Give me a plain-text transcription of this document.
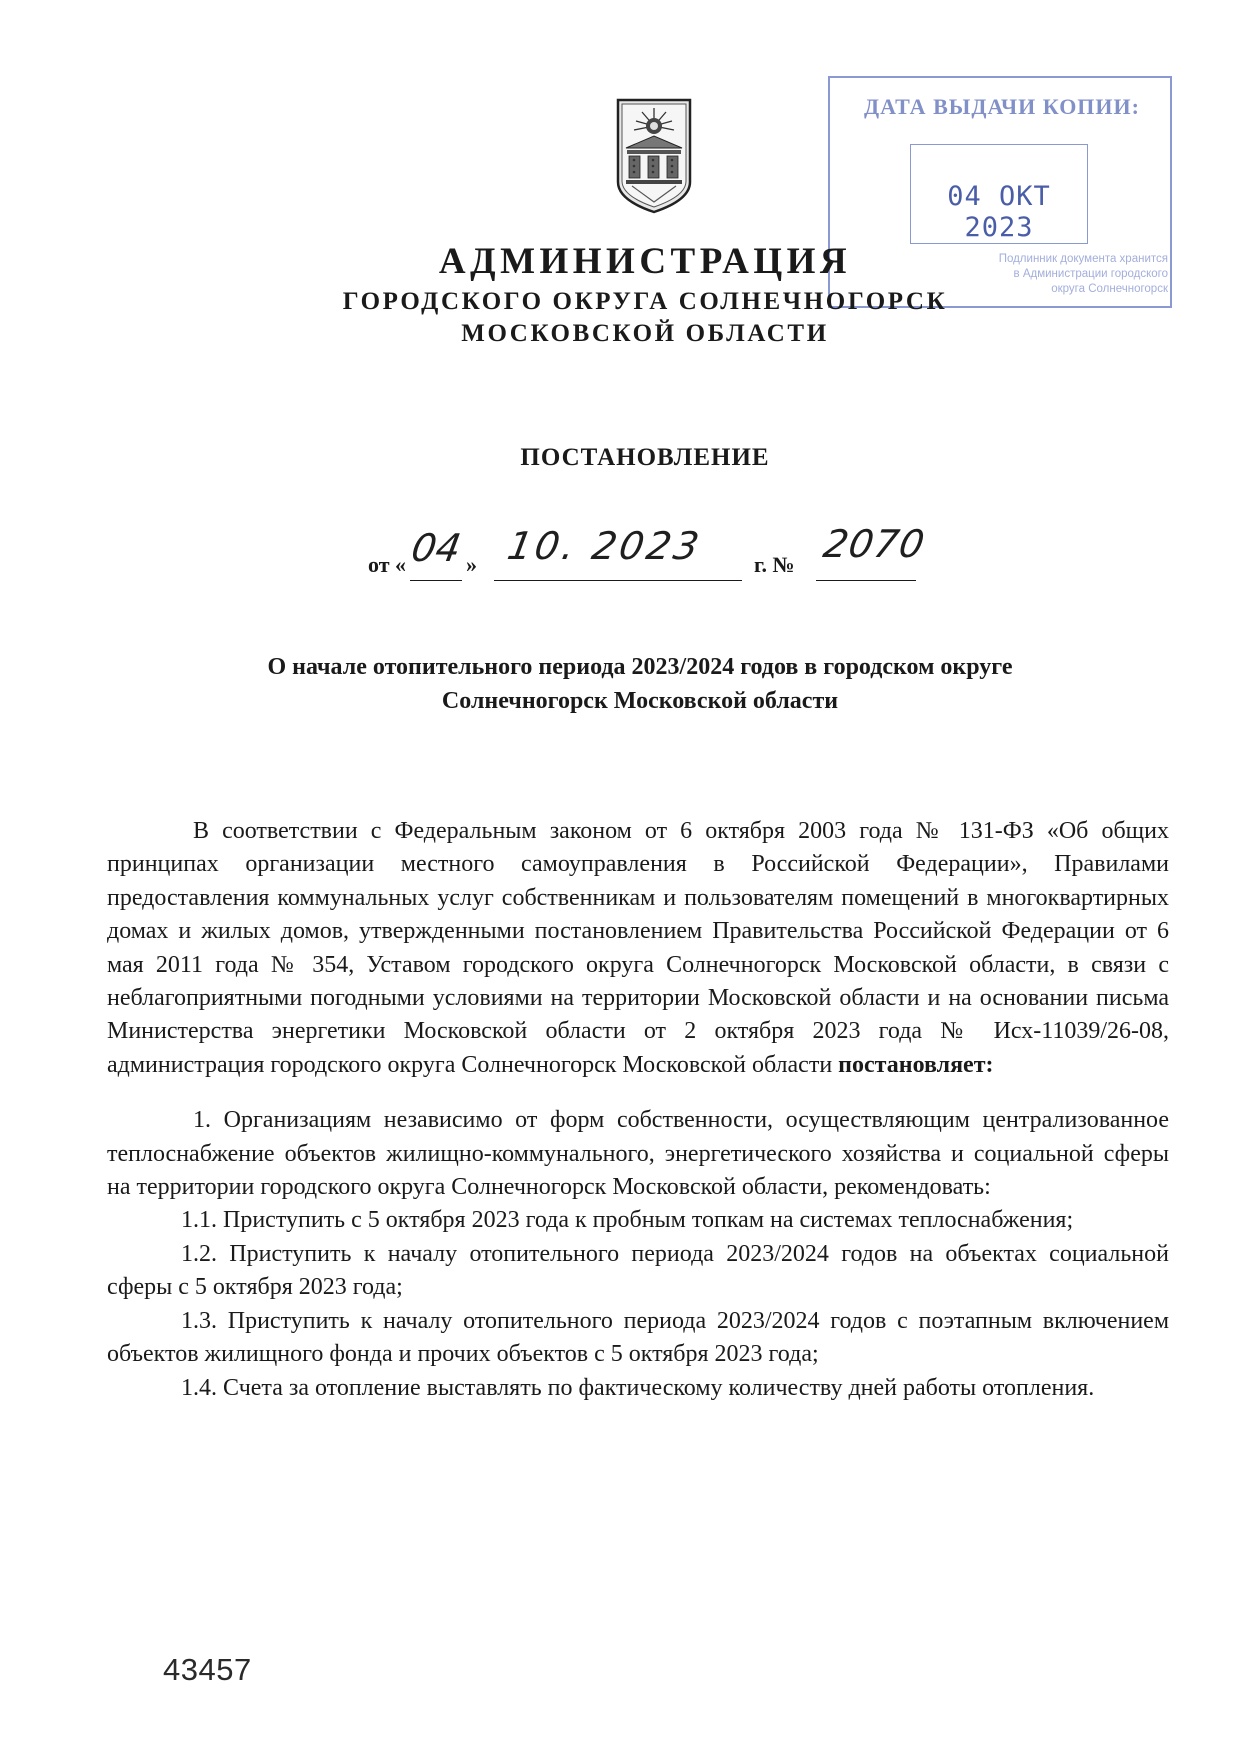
ДАТА ВЫДАЧИ КОПИИ:
04 ОКТ 2023
Подлинник документа хранится
в Администрации городского
округа Солнечногорск
АДМИНИСТРАЦИЯ
ГОРОДСКОГО ОКРУГА СОЛНЕЧНОГОРСК
МОСКОВСКОЙ ОБЛАСТИ
ПОСТАНОВЛЕНИЕ
от « 04 » 10. 2023 г. № 2070
О начале отопительного периода 2023/2024 годов в городском округе
Солнечногорск Московской области

В соответствии с Федеральным законом от 6 октября 2003 года № 131-ФЗ «Об общих принципах организации местного самоуправления в Российской Федерации», Правилами предоставления коммунальных услуг собственникам и пользователям помещений в многоквартирных домах и жилых домов, утвержденными постановлением Правительства Российской Федерации от 6 мая 2011 года № 354, Уставом городского округа Солнечногорск Московской области, в связи с неблагоприятными погодными условиями на территории Московской области и на основании письма Министерства энергетики Московской области от 2 октября 2023 года № Исх-11039/26-08, администрация городского округа Солнечногорск Московской области постановляет:

1. Организациям независимо от форм собственности, осуществляющим централизованное теплоснабжение объектов жилищно-коммунального, энергетического хозяйства и социальной сферы на территории городского округа Солнечногорск Московской области, рекомендовать:

1.1. Приступить с 5 октября 2023 года к пробным топкам на системах теплоснабжения;

1.2. Приступить к началу отопительного периода 2023/2024 годов на объектах социальной сферы с 5 октября 2023 года;

1.3. Приступить к началу отопительного периода 2023/2024 годов с поэтапным включением объектов жилищного фонда и прочих объектов с 5 октября 2023 года;

1.4. Счета за отопление выставлять по фактическому количеству дней работы отопления.

43457
